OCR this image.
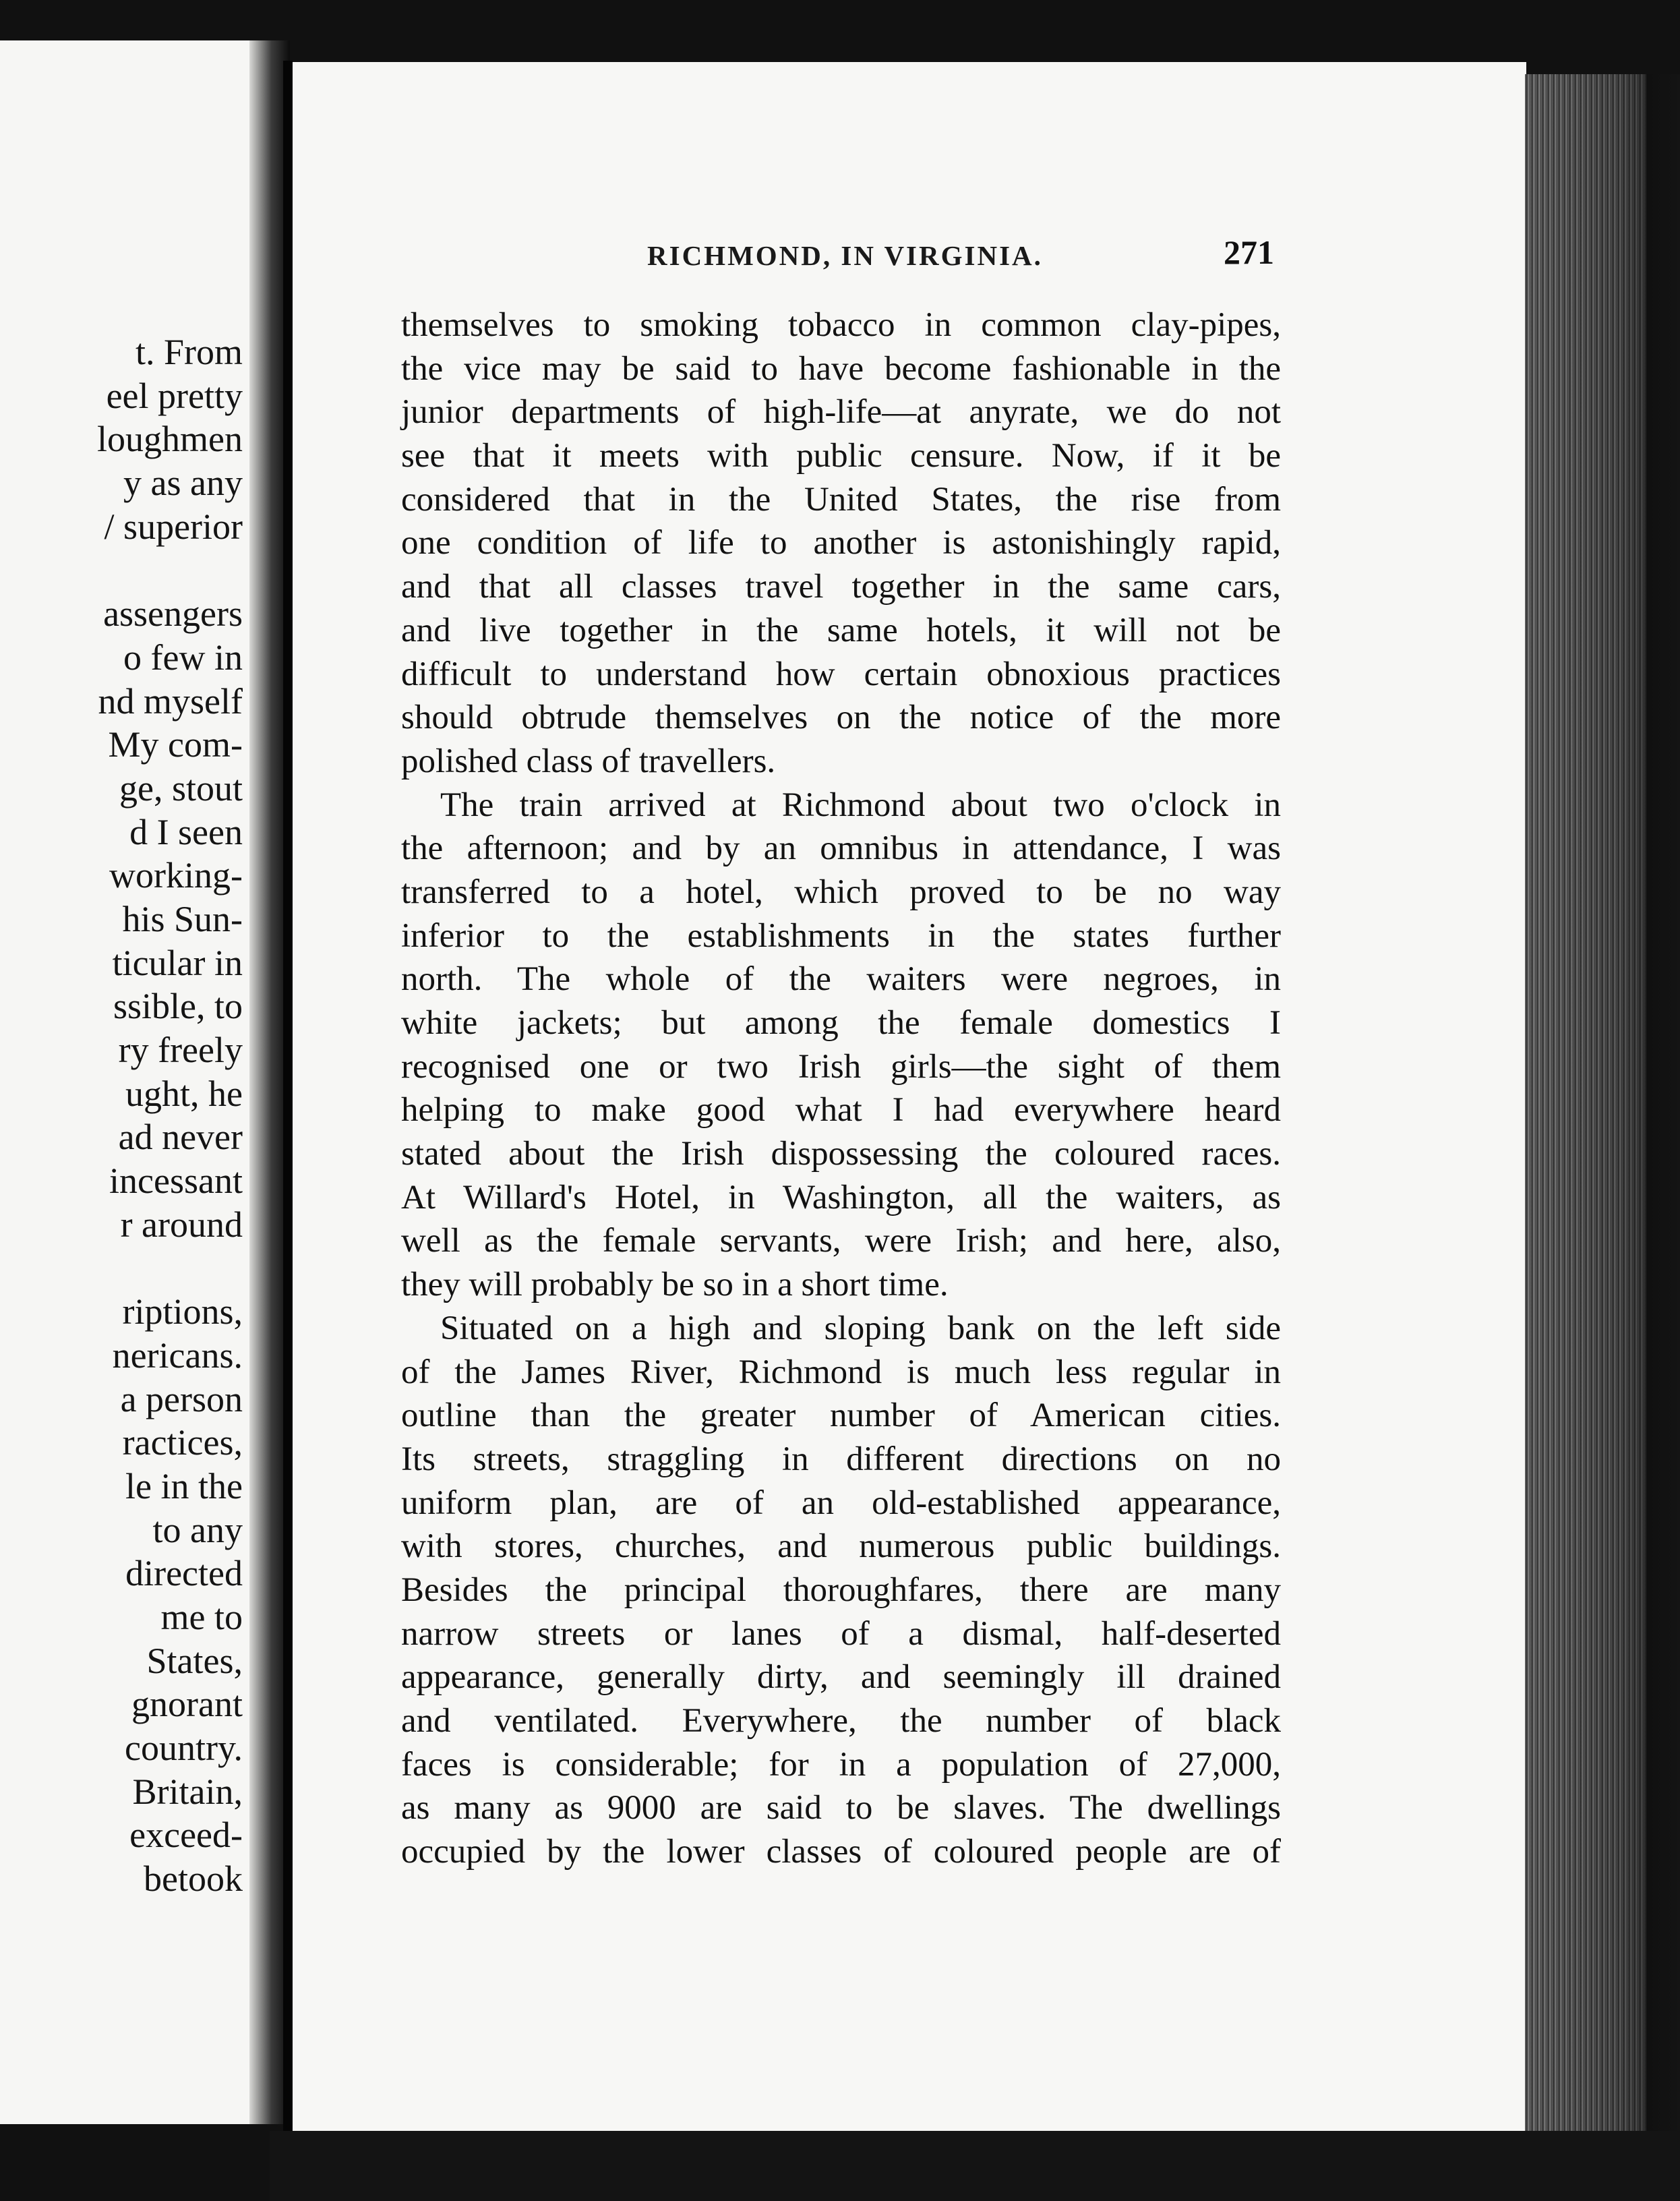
t. From
eel pretty
loughmen
y as any
/ superior
assengers
o few in
nd myself
My com-
ge, stout
d I seen
working-
his Sun-
ticular in
ssible, to
ry freely
ught, he
ad never
incessant
r around
riptions,
nericans.
a person
ractices,
le in the
to any
directed
me to
States,
gnorant
country.
Britain,
exceed-
betook
RICHMOND, IN VIRGINIA.	271
themselves to smoking tobacco in common clay-pipes,
the vice may be said to have become fashionable in the
junior departments of high-life—at anyrate, we do not
see that it meets with public censure. Now, if it be
considered that in the United States, the rise from
one condition of life to another is astonishingly rapid,
and that all classes travel together in the same cars,
and live together in the same hotels, it will not be
difficult to understand how certain obnoxious practices
should obtrude themselves on the notice of the more
polished class of travellers.
The train arrived at Richmond about two o'clock in
the afternoon; and by an omnibus in attendance, I was
transferred to a hotel, which proved to be no way
inferior to the establishments in the states further
north. The whole of the waiters were negroes, in
white jackets; but among the female domestics I
recognised one or two Irish girls—the sight of them
helping to make good what I had everywhere heard
stated about the Irish dispossessing the coloured races.
At Willard's Hotel, in Washington, all the waiters, as
well as the female servants, were Irish; and here, also,
they will probably be so in a short time.
Situated on a high and sloping bank on the left side
of the James River, Richmond is much less regular in
outline than the greater number of American cities.
Its streets, straggling in different directions on no
uniform plan, are of an old-established appearance,
with stores, churches, and numerous public buildings.
Besides the principal thoroughfares, there are many
narrow streets or lanes of a dismal, half-deserted
appearance, generally dirty, and seemingly ill drained
and ventilated. Everywhere, the number of black
faces is considerable; for in a population of 27,000,
as many as 9000 are said to be slaves. The dwellings
occupied by the lower classes of coloured people are of
